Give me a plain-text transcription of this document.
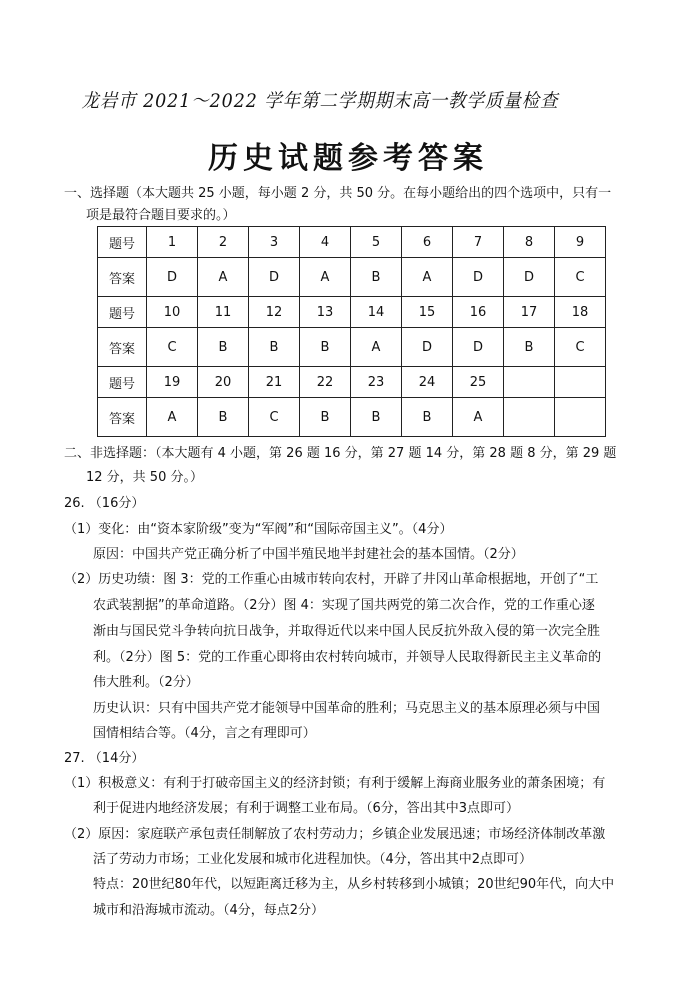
龙岩市 2021～2022 学年第二学期期末高一教学质量检查
历史试题参考答案
一、选择题（本大题共 25 小题，每小题 2 分，共 50 分。在每小题给出的四个选项中，只有一
项是最符合题目要求的。）
题号	1	2	3	4	5	6	7	8	9
答案	D	A	D	A	B	A	D	D	C
题号	10	11	12	13	14	15	16	17	18
答案	C	B	B	B	A	D	D	B	C
题号	19	20	21	22	23	24	25		
答案	A	B	C	B	B	B	A		
二、非选择题：（本大题有 4 小题，第 26 题 16 分，第 27 题 14 分，第 28 题 8 分，第 29 题
12 分，共 50 分。）
26. （16分）
（1）变化：由“资本家阶级”变为“军阀”和“国际帝国主义”。（4分）
原因：中国共产党正确分析了中国半殖民地半封建社会的基本国情。（2分）
（2）历史功绩：图 3：党的工作重心由城市转向农村，开辟了井冈山革命根据地，开创了“工
农武装割据”的革命道路。（2分）图 4：实现了国共两党的第二次合作，党的工作重心逐
渐由与国民党斗争转向抗日战争，并取得近代以来中国人民反抗外敌入侵的第一次完全胜
利。（2分）图 5：党的工作重心即将由农村转向城市，并领导人民取得新民主主义革命的
伟大胜利。（2分）
历史认识：只有中国共产党才能领导中国革命的胜利；马克思主义的基本原理必须与中国
国情相结合等。（4分，言之有理即可）
27. （14分）
（1）积极意义：有利于打破帝国主义的经济封锁；有利于缓解上海商业服务业的萧条困境；有
利于促进内地经济发展；有利于调整工业布局。（6分，答出其中3点即可）
（2）原因：家庭联产承包责任制解放了农村劳动力；乡镇企业发展迅速；市场经济体制改革激
活了劳动力市场；工业化发展和城市化进程加快。（4分，答出其中2点即可）
特点：20世纪80年代，以短距离迁移为主，从乡村转移到小城镇；20世纪90年代，向大中
城市和沿海城市流动。（4分，每点2分）
